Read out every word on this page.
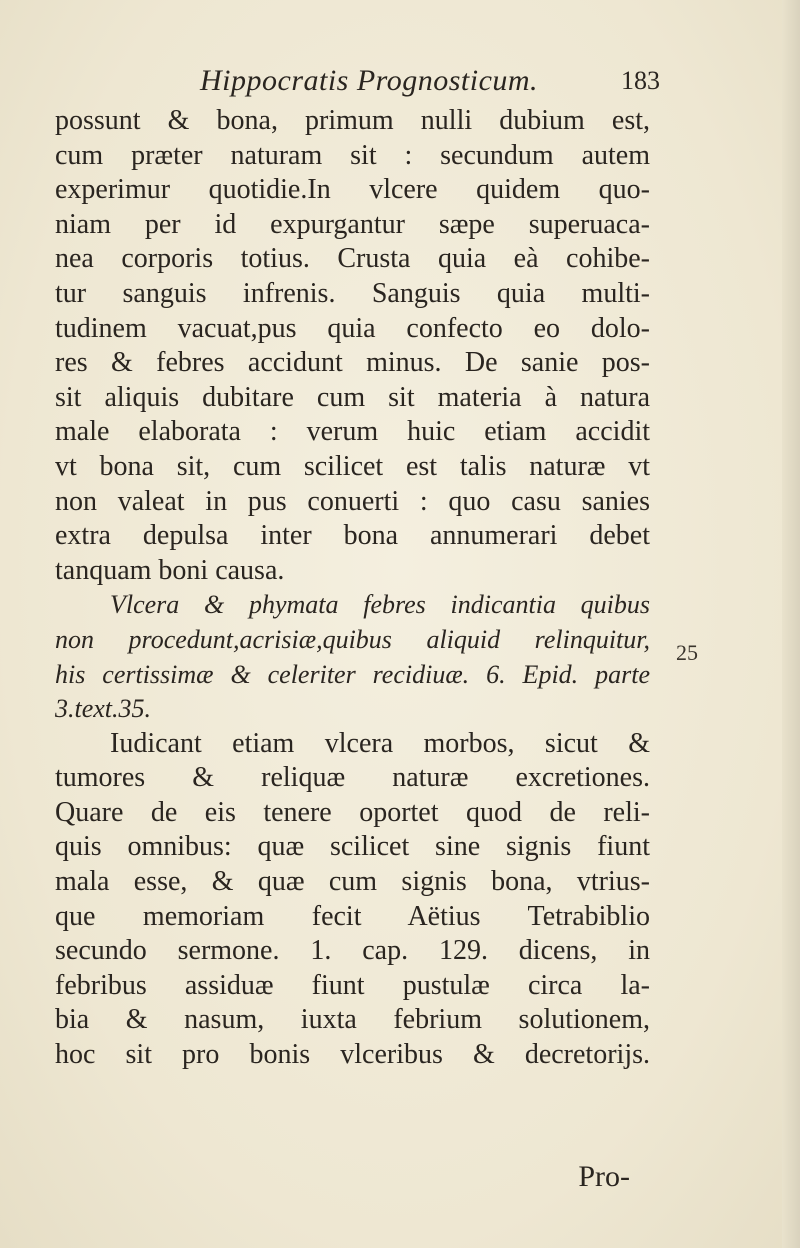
Hippocratis Prognosticum.	183
possunt & bona, primum nulli dubium est,
cum præter naturam sit : secundum autem
experimur quotidie.In vlcere quidem quo-
niam per id expurgantur sæpe superuaca-
nea corporis totius. Crusta quia eà cohibe-
tur sanguis infrenis. Sanguis quia multi-
tudinem vacuat,pus quia confecto eo dolo-
res & febres accidunt minus. De sanie pos-
sit aliquis dubitare cum sit materia à natura
male elaborata : verum huic etiam accidit
vt bona sit, cum scilicet est talis naturæ vt
non valeat in pus conuerti : quo casu sanies
extra depulsa inter bona annumerari debet
tanquam boni causa.
Vlcera & phymata febres indicantia quibus
non procedunt,acrisiæ,quibus aliquid relinquitur,
his certissimæ & celeriter recidiuæ. 6. Epid. parte
3.text.35.
Iudicant etiam vlcera morbos, sicut &
tumores & reliquæ naturæ excretiones.
Quare de eis tenere oportet quod de reli-
quis omnibus: quæ scilicet sine signis fiunt
mala esse, & quæ cum signis bona, vtrius-
que memoriam fecit Aëtius Tetrabiblio
secundo sermone. 1. cap. 129. dicens, in
febribus assiduæ fiunt pustulæ circa la-
bia & nasum, iuxta febrium solutionem,
hoc sit pro bonis vlceribus & decretorijs.
25
Pro-
